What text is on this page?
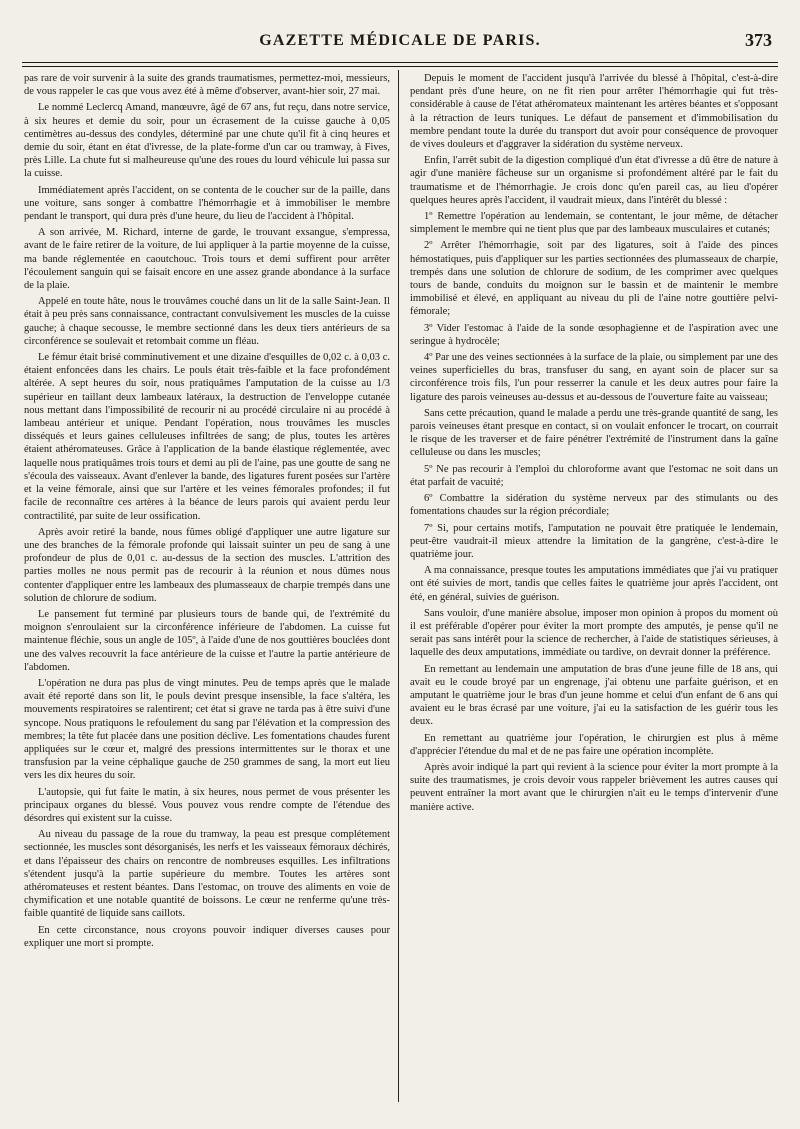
GAZETTE MÉDICALE DE PARIS.	373

pas rare de voir survenir à la suite des grands traumatismes, permettez-moi, messieurs, de vous rappeler le cas que vous avez été à même d'observer, avant-hier soir, 27 mai.

Le nommé Leclercq Amand, manœuvre, âgé de 67 ans, fut reçu, dans notre service, à six heures et demie du soir, pour un écrasement de la cuisse gauche à 0,05 centimètres au-dessus des condyles, déterminé par une chute qu'il fit à cinq heures et demie du soir, étant en état d'ivresse, de la plate-forme d'un car ou tramway, à Fives, près Lille. La chute fut si malheureuse qu'une des roues du lourd véhicule lui passa sur la cuisse.

Immédiatement après l'accident, on se contenta de le coucher sur de la paille, dans une voiture, sans songer à combattre l'hémorrhagie et à immobiliser le membre pendant le transport, qui dura près d'une heure, du lieu de l'accident à l'hôpital.

A son arrivée, M. Richard, interne de garde, le trouvant exsangue, s'empressa, avant de le faire retirer de la voiture, de lui appliquer à la partie moyenne de la cuisse, ma bande réglementée en caoutchouc. Trois tours et demi suffirent pour arrêter l'écoulement sanguin qui se faisait encore en une assez grande abondance à la surface de la plaie.

Appelé en toute hâte, nous le trouvâmes couché dans un lit de la salle Saint-Jean. Il était à peu près sans connaissance, contractant convulsivement les muscles de la cuisse gauche; à chaque secousse, le membre sectionné dans les deux tiers antérieurs de sa circonférence se soulevait et retombait comme un fléau.

Le fémur était brisé comminutivement et une dizaine d'esquilles de 0,02 c. à 0,03 c. étaient enfoncées dans les chairs. Le pouls était très-faible et la face profondément altérée. A sept heures du soir, nous pratiquâmes l'amputation de la cuisse au 1/3 supérieur en taillant deux lambeaux latéraux, la destruction de l'enveloppe cutanée nous mettant dans l'impossibilité de recourir ni au procédé circulaire ni au procédé à lambeau antérieur et unique. Pendant l'opération, nous trouvâmes les muscles disséqués et leurs gaines celluleuses infiltrées de sang; de plus, toutes les artères étaient athéromateuses. Grâce à l'application de la bande élastique réglementée, avec laquelle nous pratiquâmes trois tours et demi au pli de l'aine, pas une goutte de sang ne s'écoula des vaisseaux. Avant d'enlever la bande, des ligatures furent posées sur l'artère et la veine fémorale, ainsi que sur l'artère et les veines fémorales profondes; il fut facile de reconnaître ces artères à la béance de leurs parois qui avaient perdu leur contractilité, par suite de leur ossification.

Après avoir retiré la bande, nous fûmes obligé d'appliquer une autre ligature sur une des branches de la fémorale profonde qui laissait suinter un peu de sang à une profondeur de plus de 0,01 c. au-dessus de la section des muscles. L'attrition des parties molles ne nous permit pas de recourir à la réunion et nous dûmes nous contenter d'appliquer entre les lambeaux des plumasseaux de charpie trempés dans une solution de chlorure de sodium.

Le pansement fut terminé par plusieurs tours de bande qui, de l'extrémité du moignon s'enroulaient sur la circonférence inférieure de l'abdomen. La cuisse fut maintenue fléchie, sous un angle de 105º, à l'aide d'une de nos gouttières bouclées dont une des valves recouvrit la face antérieure de la cuisse et l'autre la partie antérieure de l'abdomen.

L'opération ne dura pas plus de vingt minutes. Peu de temps après que le malade avait été reporté dans son lit, le pouls devint presque insensible, la face s'altéra, les mouvements respiratoires se ralentirent; cet état si grave ne tarda pas à être suivi d'une syncope. Nous pratiquons le refoulement du sang par l'élévation et la compression des membres; la tête fut placée dans une position déclive. Les fomentations chaudes furent appliquées sur le cœur et, malgré des pressions intermittentes sur le thorax et une transfusion par la veine céphalique gauche de 250 grammes de sang, la mort eut lieu vers les dix heures du soir.

L'autopsie, qui fut faite le matin, à six heures, nous permet de vous présenter les principaux organes du blessé. Vous pouvez vous rendre compte de l'étendue des désordres qui existent sur la cuisse.

Au niveau du passage de la roue du tramway, la peau est presque complétement sectionnée, les muscles sont désorganisés, les nerfs et les vaisseaux fémoraux déchirés, et dans l'épaisseur des chairs on rencontre de nombreuses esquilles. Les infiltrations s'étendent jusqu'à la partie supérieure du membre. Toutes les artères sont athéromateuses et restent béantes. Dans l'estomac, on trouve des aliments en voie de chymification et une notable quantité de boissons. Le cœur ne renferme qu'une très-faible quantité de liquide sans caillots.

En cette circonstance, nous croyons pouvoir indiquer diverses causes pour expliquer une mort si prompte.

Depuis le moment de l'accident jusqu'à l'arrivée du blessé à l'hôpital, c'est-à-dire pendant près d'une heure, on ne fit rien pour arrêter l'hémorrhagie qui fut très-considérable à cause de l'état athéromateux maintenant les artères béantes et s'opposant à la rétraction de leurs tuniques. Le défaut de pansement et d'immobilisation du membre pendant toute la durée du transport dut avoir pour conséquence de provoquer de vives douleurs et d'aggraver la sidération du système nerveux.

Enfin, l'arrêt subit de la digestion compliqué d'un état d'ivresse a dû être de nature à agir d'une manière fâcheuse sur un organisme si profondément altéré par le fait du traumatisme et de l'hémorrhagie. Je crois donc qu'en pareil cas, au lieu d'opérer quelques heures après l'accident, il vaudrait mieux, dans l'intérêt du blessé :

1º Remettre l'opération au lendemain, se contentant, le jour même, de détacher simplement le membre qui ne tient plus que par des lambeaux musculaires et cutanés;

2º Arrêter l'hémorrhagie, soit par des ligatures, soit à l'aide des pinces hémostatiques, puis d'appliquer sur les parties sectionnées des plumasseaux de charpie, trempés dans une solution de chlorure de sodium, de les comprimer avec quelques tours de bande, conduits du moignon sur le bassin et de maintenir le membre immobilisé et élevé, en appliquant au niveau du pli de l'aine notre gouttière pelvi-fémorale;

3º Vider l'estomac à l'aide de la sonde œsophagienne et de l'aspiration avec une seringue à hydrocèle;

4º Par une des veines sectionnées à la surface de la plaie, ou simplement par une des veines superficielles du bras, transfuser du sang, en ayant soin de placer sur sa circonférence trois fils, l'un pour resserrer la canule et les deux autres pour faire la ligature des parois veineuses au-dessus et au-dessous de l'ouverture faite au vaisseau;

Sans cette précaution, quand le malade a perdu une très-grande quantité de sang, les parois veineuses étant presque en contact, si on voulait enfoncer le trocart, on courrait le risque de les traverser et de faire pénétrer l'extrémité de l'instrument dans la gaîne celluleuse ou dans les muscles;

5º Ne pas recourir à l'emploi du chloroforme avant que l'estomac ne soit dans un état parfait de vacuité;

6º Combattre la sidération du système nerveux par des stimulants ou des fomentations chaudes sur la région précordiale;

7º Si, pour certains motifs, l'amputation ne pouvait être pratiquée le lendemain, peut-être vaudrait-il mieux attendre la limitation de la gangrène, c'est-à-dire le quatrième jour.

A ma connaissance, presque toutes les amputations immédiates que j'ai vu pratiquer ont été suivies de mort, tandis que celles faites le quatrième jour après l'accident, ont été, en général, suivies de guérison.

Sans vouloir, d'une manière absolue, imposer mon opinion à propos du moment où il est préférable d'opérer pour éviter la mort prompte des amputés, je pense qu'il ne serait pas sans intérêt pour la science de rechercher, à l'aide de statistiques sérieuses, à laquelle des deux amputations, immédiate ou tardive, on devrait donner la préférence.

En remettant au lendemain une amputation de bras d'une jeune fille de 18 ans, qui avait eu le coude broyé par un engrenage, j'ai obtenu une parfaite guérison, et en amputant le quatrième jour le bras d'un jeune homme et celui d'un enfant de 6 ans qui avaient eu le bras écrasé par une voiture, j'ai eu la satisfaction de les guérir tous les deux.

En remettant au quatrième jour l'opération, le chirurgien est plus à même d'apprécier l'étendue du mal et de ne pas faire une opération incomplète.

Après avoir indiqué la part qui revient à la science pour éviter la mort prompte à la suite des traumatismes, je crois devoir vous rappeler brièvement les autres causes qui peuvent entraîner la mort avant que le chirurgien n'ait eu le temps d'intervenir d'une manière active.
